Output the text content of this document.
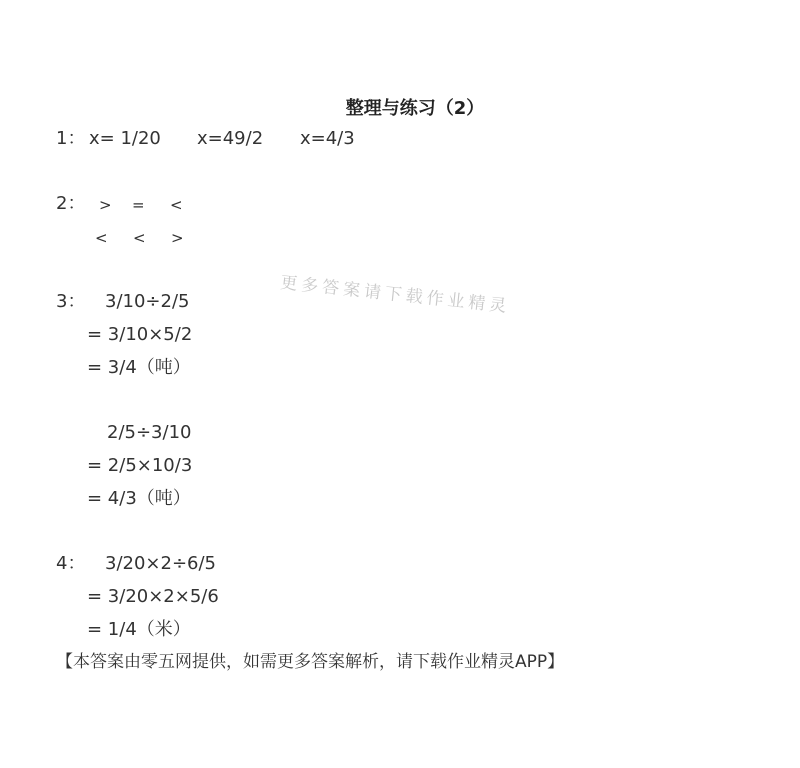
整理与练习（2）
1： x= 1/20 x=49/2 x=4/3
2： > = <
< < >
更多答案请下载作业精灵
3： 3/10÷2/5
= 3/10×5/2
= 3/4（吨）
2/5÷3/10
= 2/5×10/3
= 4/3（吨）
4： 3/20×2÷6/5
= 3/20×2×5/6
= 1/4（米）
【本答案由零五网提供，如需更多答案解析，请下载作业精灵APP】
